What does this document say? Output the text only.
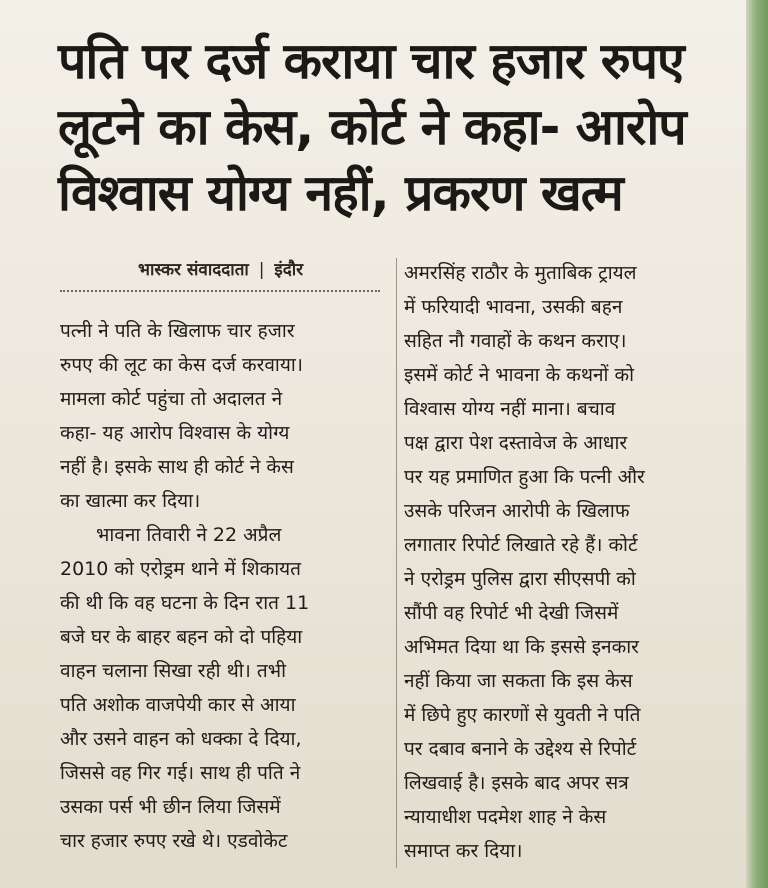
पति पर दर्ज कराया चार हजार रुपए
लूटने का केस, कोर्ट ने कहा- आरोप
विश्वास योग्य नहीं, प्रकरण खत्म
भास्कर संवाददाता | इंदौर
पत्नी ने पति के खिलाफ चार हजार
रुपए की लूट का केस दर्ज करवाया।
मामला कोर्ट पहुंचा तो अदालत ने
कहा- यह आरोप विश्वास के योग्य
नहीं है। इसके साथ ही कोर्ट ने केस
का खात्मा कर दिया।
भावना तिवारी ने 22 अप्रैल
2010 को एरोड्रम थाने में शिकायत
की थी कि वह घटना के दिन रात 11
बजे घर के बाहर बहन को दो पहिया
वाहन चलाना सिखा रही थी। तभी
पति अशोक वाजपेयी कार से आया
और उसने वाहन को धक्का दे दिया,
जिससे वह गिर गई। साथ ही पति ने
उसका पर्स भी छीन लिया जिसमें
चार हजार रुपए रखे थे। एडवोकेट
अमरसिंह राठौर के मुताबिक ट्रायल
में फरियादी भावना, उसकी बहन
सहित नौ गवाहों के कथन कराए।
इसमें कोर्ट ने भावना के कथनों को
विश्वास योग्य नहीं माना। बचाव
पक्ष द्वारा पेश दस्तावेज के आधार
पर यह प्रमाणित हुआ कि पत्नी और
उसके परिजन आरोपी के खिलाफ
लगातार रिपोर्ट लिखाते रहे हैं। कोर्ट
ने एरोड्रम पुलिस द्वारा सीएसपी को
सौंपी वह रिपोर्ट भी देखी जिसमें
अभिमत दिया था कि इससे इनकार
नहीं किया जा सकता कि इस केस
में छिपे हुए कारणों से युवती ने पति
पर दबाव बनाने के उद्देश्य से रिपोर्ट
लिखवाई है। इसके बाद अपर सत्र
न्यायाधीश पदमेश शाह ने केस
समाप्त कर दिया।
